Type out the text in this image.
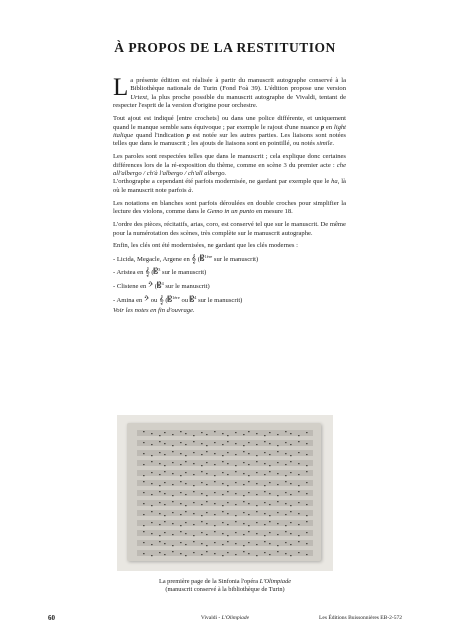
À PROPOS DE LA RESTITUTION

La présente édition est réalisée à partir du manuscrit autographe conservé à la Bibliothèque nationale de Turin (Fond Foà 39). L'édition propose une version Urtext, la plus proche possible du manuscrit autographe de Vivaldi, tentant de respecter l'esprit de la version d'origine pour orchestre.

Tout ajout est indiqué [entre crochets] ou dans une police différente, et uniquement quand le manque semble sans équivoque ; par exemple le rajout d'une nuance p en light italique quand l'indication p est notée sur les autres parties. Les liaisons sont notées telles que dans le manuscrit ; les ajouts de liaisons sont en pointillé, ou notés simile.

Les paroles sont respectées telles que dans le manuscrit ; cela explique donc certaines différences lors de la ré-exposition du thème, comme en scène 3 du premier acte : che all'albergo / ch'à l'albergo / ch'all albergo.
L'orthographe a cependant été parfois modernisée, ne gardant par exemple que le ha, là où le manuscrit note parfois à.

Les notations en blanches sont parfois déroulées en double croches pour simplifier la lecture des violons, comme dans le Gemo in un punto en mesure 18.

L'ordre des pièces, récitatifs, arias, coro, est conservé tel que sur le manuscrit. De même pour la numérotation des scènes, très complète sur le manuscrit autographe.

Enfin, les clés ont été modernisées, ne gardant que les clés modernes :

- Licida, Megacle, Argene en 𝄞 (𝄡$^{1ère}$ sur le manuscrit)
- Aristea en 𝄞 (𝄡$^3$ sur le manuscrit)
- Clistene en 𝄢 (𝄡$^4$ sur le manuscrit)
- Amina en 𝄢 ou 𝄞 (𝄡$^{1ère}$ ou 𝄡$^4$ sur le manuscrit)

Voir les notes en fin d'ouvrage.

La première page de la Sinfonia l'opéra L'Olimpiade
(manuscrit conservé à la bibliothèque de Turin)
60	Vivaldi - L'Olimpiade	Les Éditions Buissonnières EB-2-572
